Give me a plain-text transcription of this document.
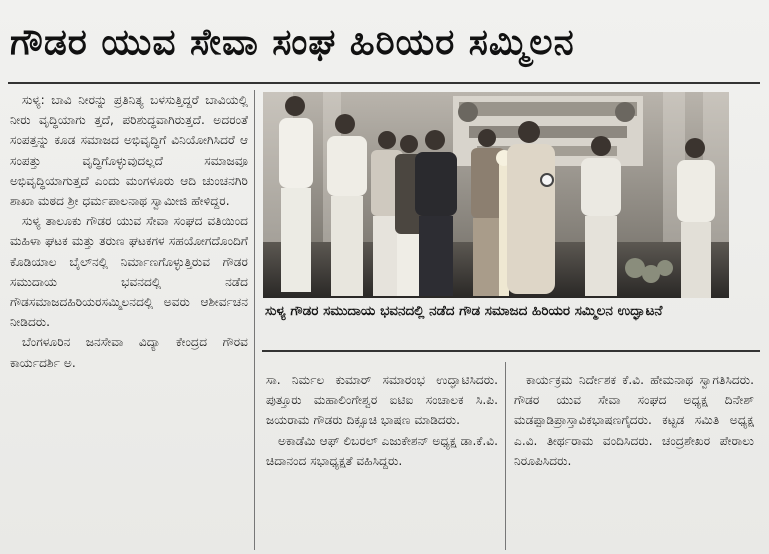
ಗೌಡರ ಯುವ ಸೇವಾ ಸಂಘ ಹಿರಿಯರ ಸಮ್ಮಿಲನ

ಸುಳ್ಯ: ಬಾವಿ ನೀರನ್ನು ಪ್ರತಿನಿತ್ಯ ಬಳಸುತ್ತಿದ್ದರೆ ಬಾವಿಯಲ್ಲಿ ನೀರು ವೃದ್ಧಿಯಾಗು ತ್ತದೆ, ಪರಿಶುದ್ಧವಾಗಿರುತ್ತದೆ. ಅದರಂತೆ ಸಂಪತ್ತನ್ನು ಕೂಡ ಸಮಾಜದ ಅಭಿವೃದ್ಧಿಗೆ ವಿನಿಯೋಗಿಸಿದರೆ ಆ ಸಂಪತ್ತು ವೃದ್ಧಿಗೊಳ್ಳುವುದಲ್ಲದೆ ಸಮಾಜವೂ ಅಭಿವೃದ್ಧಿಯಾಗುತ್ತದೆ ಎಂದು ಮಂಗಳೂರು ಆದಿ ಚುಂಚನಗಿರಿ ಶಾಖಾ ಮಠದ ಶ್ರೀ ಧರ್ಮಪಾಲನಾಥ ಸ್ವಾಮೀಜಿ ಹೇಳಿದ್ದರ.

ಸುಳ್ಯ ತಾಲೂಕು ಗೌಡರ ಯುವ ಸೇವಾ ಸಂಘದ ವತಿಯಿಂದ ಮಹಿಳಾ ಘಟಕ ಮತ್ತು ತರುಣ ಘಟಕಗಳ ಸಹಯೋಗದೊಂದಿಗೆ ಕೊಡಿಯಾಲ ಬೈಲ್‌ನಲ್ಲಿ ನಿರ್ಮಾಣಗೊಳ್ಳುತ್ತಿರುವ ಗೌಡರ ಸಮುದಾಯ ಭವನದಲ್ಲಿ ನಡೆದ ಗೌಡಸಮಾಜದಹಿರಿಯರಸಮ್ಮಿಲನದಲ್ಲಿ ಅವರು ಆಶೀರ್ವಚನ ನೀಡಿದರು.

ಬೆಂಗಳೂರಿನ ಜನಸೇವಾ ವಿದ್ಯಾ ಕೇಂದ್ರದ ಗೌರವ ಕಾರ್ಯದರ್ಶಿ ಅ.

ಸುಳ್ಯ ಗೌಡರ ಸಮುದಾಯ ಭವನದಲ್ಲಿ ನಡೆದ ಗೌಡ ಸಮಾಜದ ಹಿರಿಯರ ಸಮ್ಮಿಲನ ಉದ್ಘಾಟನೆ

ಸಾ. ನಿರ್ಮಲ ಕುಮಾರ್ ಸಮಾರಂಭ ಉದ್ಘಾಟಿಸಿದರು. ಪುತ್ತೂರು ಮಹಾಲಿಂಗೇಶ್ವರ ಐಟಿಐ ಸಂಚಾಲಕ ಸಿ.ಪಿ. ಜಯರಾಮ ಗೌಡರು ದಿಕ್ಸೂಚಿ ಭಾಷಣ ಮಾಡಿದರು.

ಅಕಾಡೆಮಿ ಆಫ್ ಲಿಬರಲ್ ಎಜುಕೇಶನ್ ಅಧ್ಯಕ್ಷ ಡಾ.ಕೆ.ವಿ. ಚಿದಾನಂದ ಸಭಾಧ್ಯಕ್ಷತೆ ವಹಿಸಿದ್ದರು.

ಕಾರ್ಯಕ್ರಮ ನಿರ್ದೇಶಕ ಕೆ.ವಿ. ಹೇಮನಾಥ ಸ್ವಾಗತಿಸಿದರು. ಗೌಡರ ಯುವ ಸೇವಾ ಸಂಘದ ಅಧ್ಯಕ್ಷ ದಿನೇಶ್ ಮಡಪ್ಪಾಡಿಪ್ರಾಸ್ತಾವಿಕಭಾಷಣಗೈದರು. ಕಟ್ಟಡ ಸಮಿತಿ ಅಧ್ಯಕ್ಷ ಎ.ವಿ. ತೀರ್ಥರಾಮ ವಂದಿಸಿದರು. ಚಂದ್ರಶೇಖರ ಪೇರಾಲು ನಿರೂಪಿಸಿದರು.
